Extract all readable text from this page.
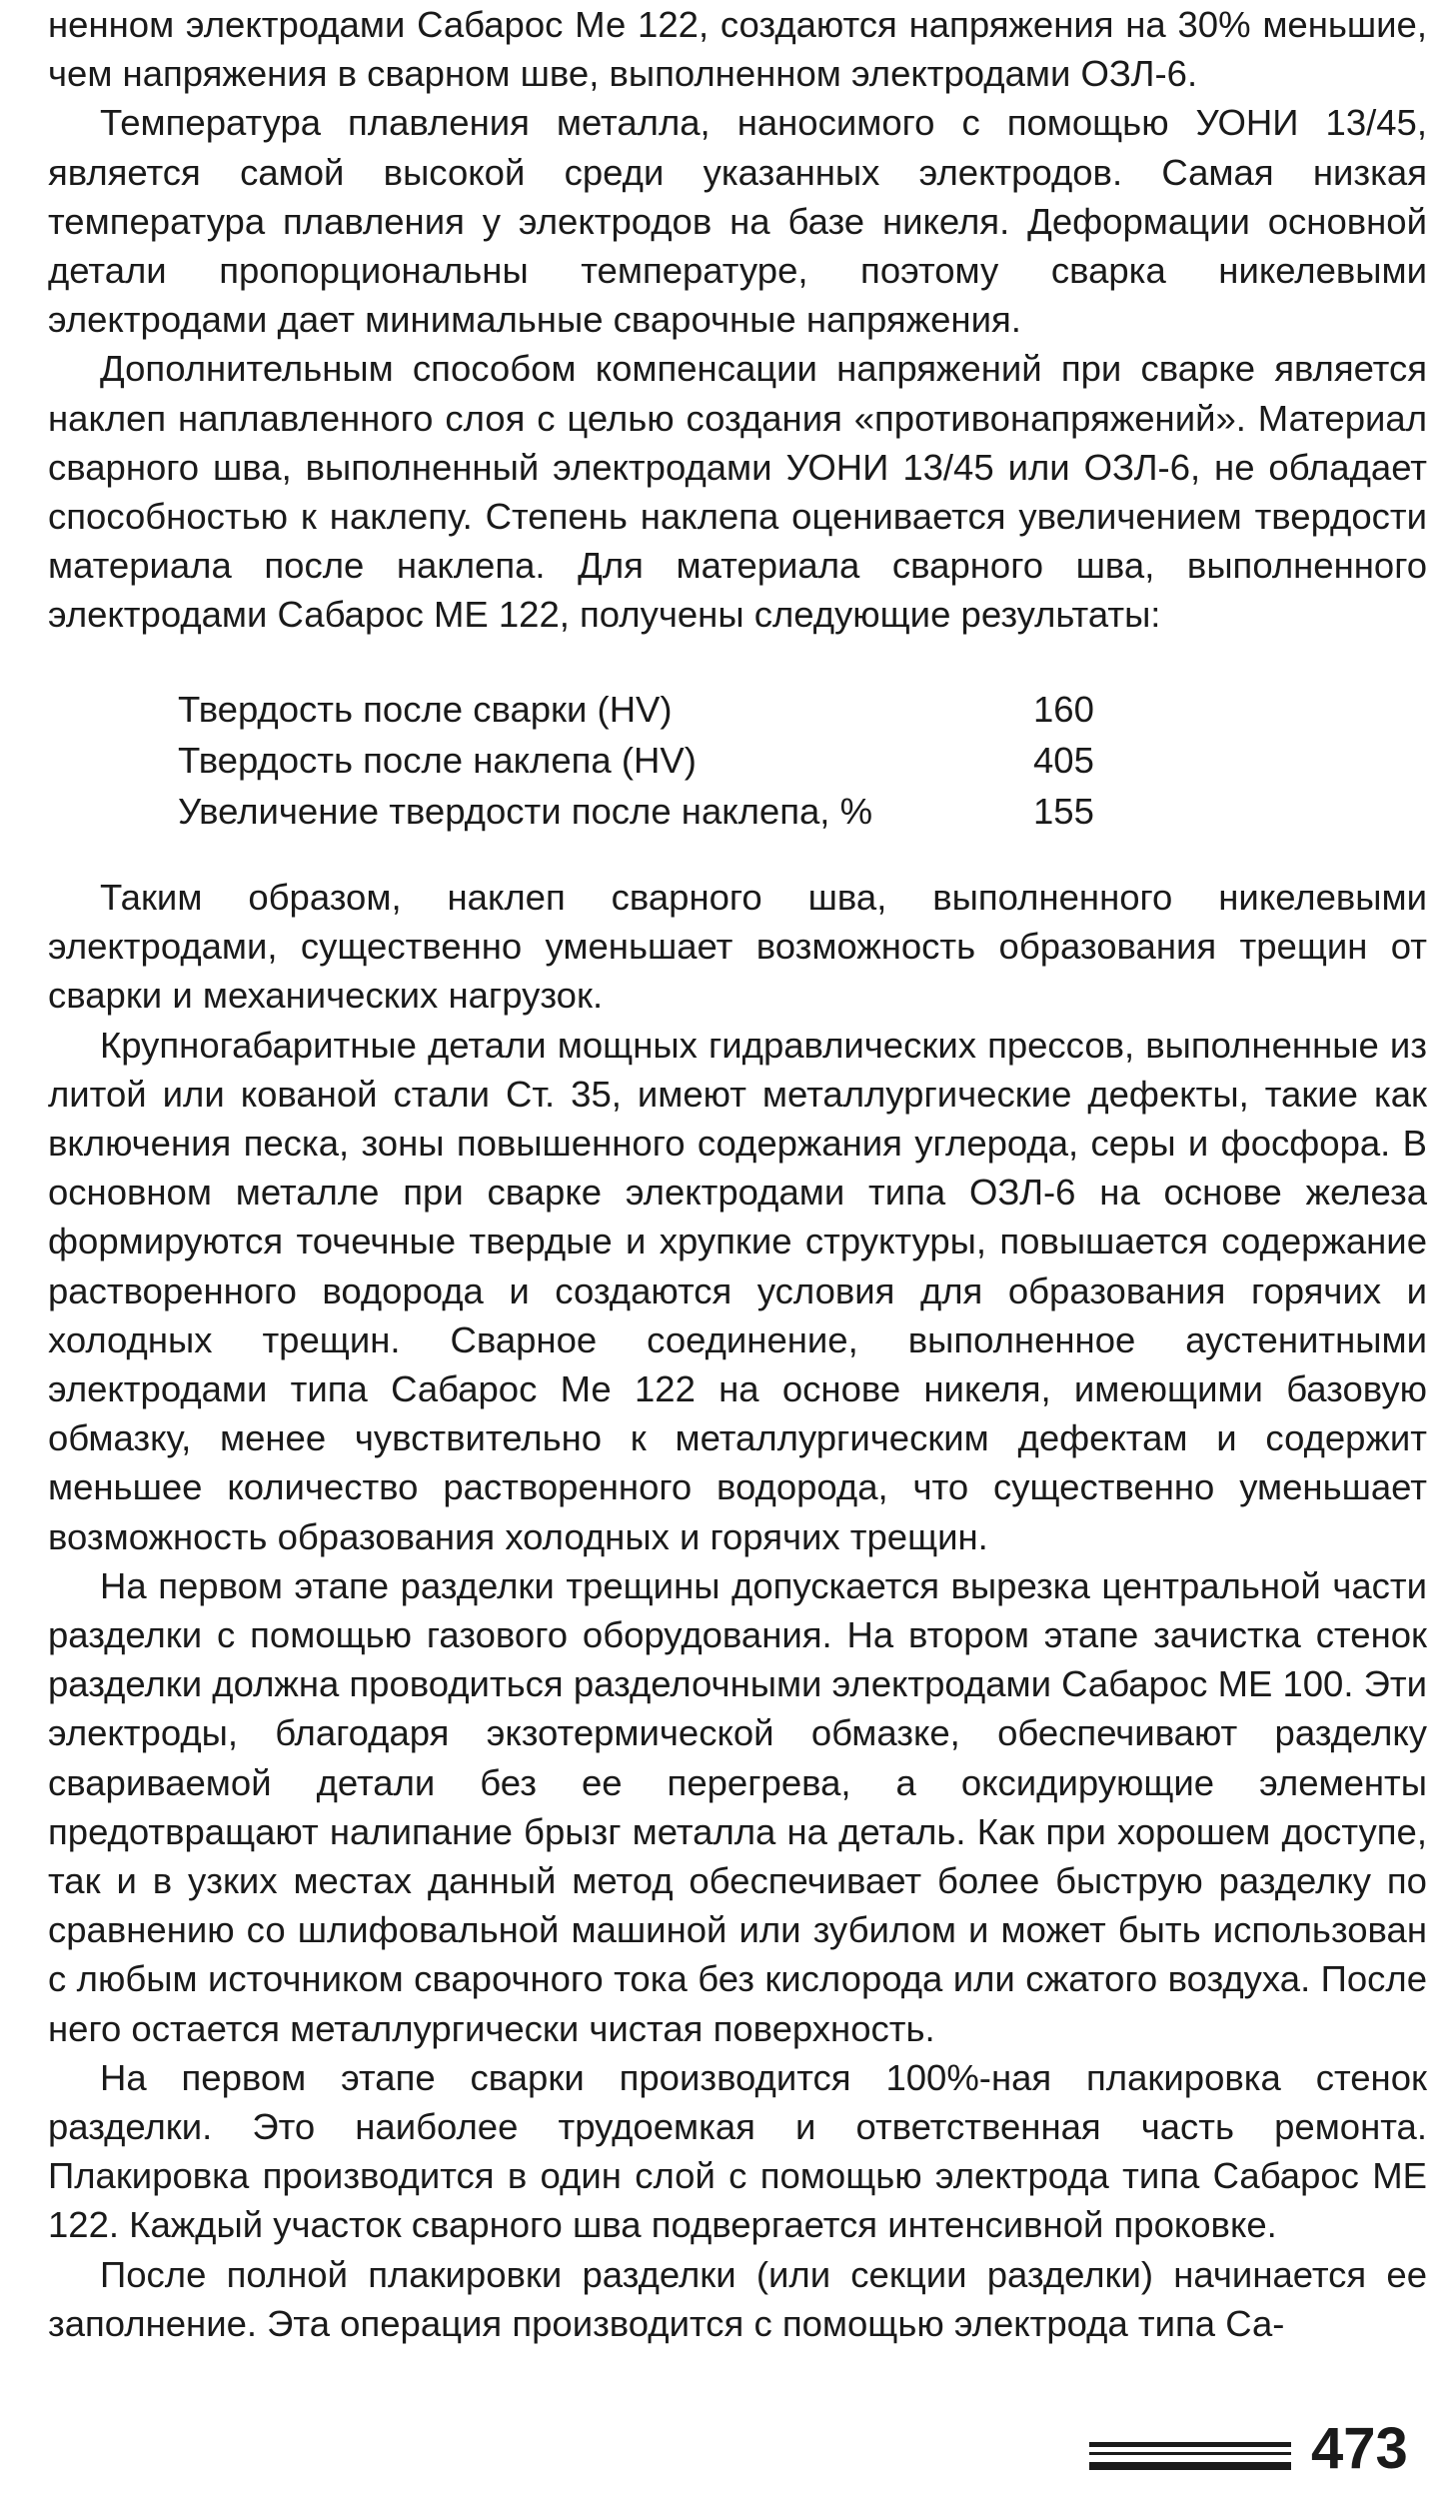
ненном электродами Сабарос Ме 122, создаются напряжения на 30% меньшие, чем напряжения в сварном шве, выполненном электродами ОЗЛ-6.

Температура плавления металла, наносимого с помощью УОНИ 13/45, является самой высокой среди указанных электродов. Самая низкая температура плавления у электродов на базе никеля. Деформации основной детали пропорциональны температуре, поэтому сварка никелевыми электродами дает минимальные сварочные напряжения.

Дополнительным способом компенсации напряжений при сварке является наклеп наплавленного слоя с целью создания «противонапряжений». Материал сварного шва, выполненный электродами УОНИ 13/45 или ОЗЛ-6, не обладает способностью к наклепу. Степень наклепа оценивается увеличением твердости материала после наклепа. Для материала сварного шва, выполненного электродами Сабарос МЕ 122, получены следующие результаты:

Твердость после сварки (HV)	160
Твердость после наклепа (HV)	405
Увеличение твердости после наклепа, %	155

Таким образом, наклеп сварного шва, выполненного никелевыми электродами, существенно уменьшает возможность образования трещин от сварки и механических нагрузок.

Крупногабаритные детали мощных гидравлических прессов, выполненные из литой или кованой стали Ст. 35, имеют металлургические дефекты, такие как включения песка, зоны повышенного содержания углерода, серы и фосфора. В основном металле при сварке электродами типа ОЗЛ-6 на основе железа формируются точечные твердые и хрупкие структуры, повышается содержание растворенного водорода и создаются условия для образования горячих и холодных трещин. Сварное соединение, выполненное аустенитными электродами типа Сабарос Ме 122 на основе никеля, имеющими базовую обмазку, менее чувствительно к металлургическим дефектам и содержит меньшее количество растворенного водорода, что существенно уменьшает возможность образования холодных и горячих трещин.

На первом этапе разделки трещины допускается вырезка центральной части разделки с помощью газового оборудования. На втором этапе зачистка стенок разделки должна проводиться разделочными электродами Сабарос МЕ 100. Эти электроды, благодаря экзотермической обмазке, обеспечивают разделку свариваемой детали без ее перегрева, а оксидирующие элементы предотвращают налипание брызг металла на деталь. Как при хорошем доступе, так и в узких местах данный метод обеспечивает более быструю разделку по сравнению со шлифовальной машиной или зубилом и может быть использован с любым источником сварочного тока без кислорода или сжатого воздуха. После него остается металлургически чистая поверхность.

На первом этапе сварки производится 100%-ная плакировка стенок разделки. Это наиболее трудоемкая и ответственная часть ремонта. Плакировка производится в один слой с помощью электрода типа Сабарос МЕ 122. Каждый участок сварного шва подвергается интенсивной проковке.

После полной плакировки разделки (или секции разделки) начинается ее заполнение. Эта операция производится с помощью электрода типа Са-

473
